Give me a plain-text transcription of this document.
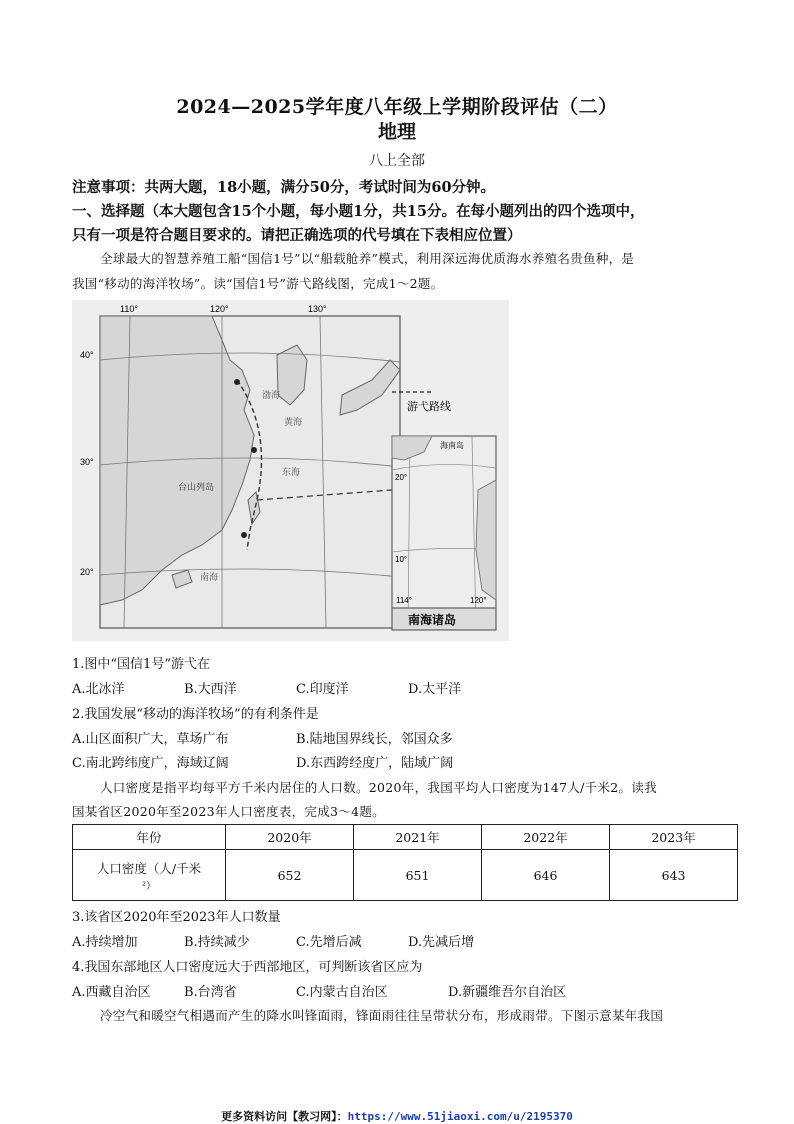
2024—2025学年度八年级上学期阶段评估（二）
地理
八上全部
注意事项：共两大题，18小题，满分50分，考试时间为60分钟。
一、选择题（本大题包含15个小题，每小题1分，共15分。在每小题列出的四个选项中，
只有一项是符合题目要求的。请把正确选项的代号填在下表相应位置）
全球最大的智慧养殖工船“国信1号”以“船载舱养”模式，利用深远海优质海水养殖名贵鱼种，是
我国“移动的海洋牧场”。读“国信1号”游弋路线图，完成1～2题。
游弋路线
110°	120°	130°
40°
30°
20°
渤海
黄海
东海
台山列岛
南海
海南岛
20°
10°
114°	120°
南海诸岛
1.图中“国信1号”游弋在
A.北冰洋	B.大西洋	C.印度洋	D.太平洋
2.我国发展“移动的海洋牧场”的有利条件是
A.山区面积广大，草场广布	B.陆地国界线长，邻国众多
C.南北跨纬度广，海域辽阔	D.东西跨经度广，陆域广阔
人口密度是指平均每平方千米内居住的人口数。2020年，我国平均人口密度为147人/千米2。读我
国某省区2020年至2023年人口密度表，完成3～4题。
年份	2020年	2021年	2022年	2023年

人口密度（人/千米
²）	652	651	646	643
3.该省区2020年至2023年人口数量
A.持续增加	B.持续减少	C.先增后减	D.先减后增
4.我国东部地区人口密度远大于西部地区，可判断该省区应为
A.西藏自治区	B.台湾省	C.内蒙古自治区	D.新疆维吾尔自治区
冷空气和暖空气相遇而产生的降水叫锋面雨，锋面雨往往呈带状分布，形成雨带。下图示意某年我国
更多资料访问【教习网】：https://www.51jiaoxi.com/u/2195370
